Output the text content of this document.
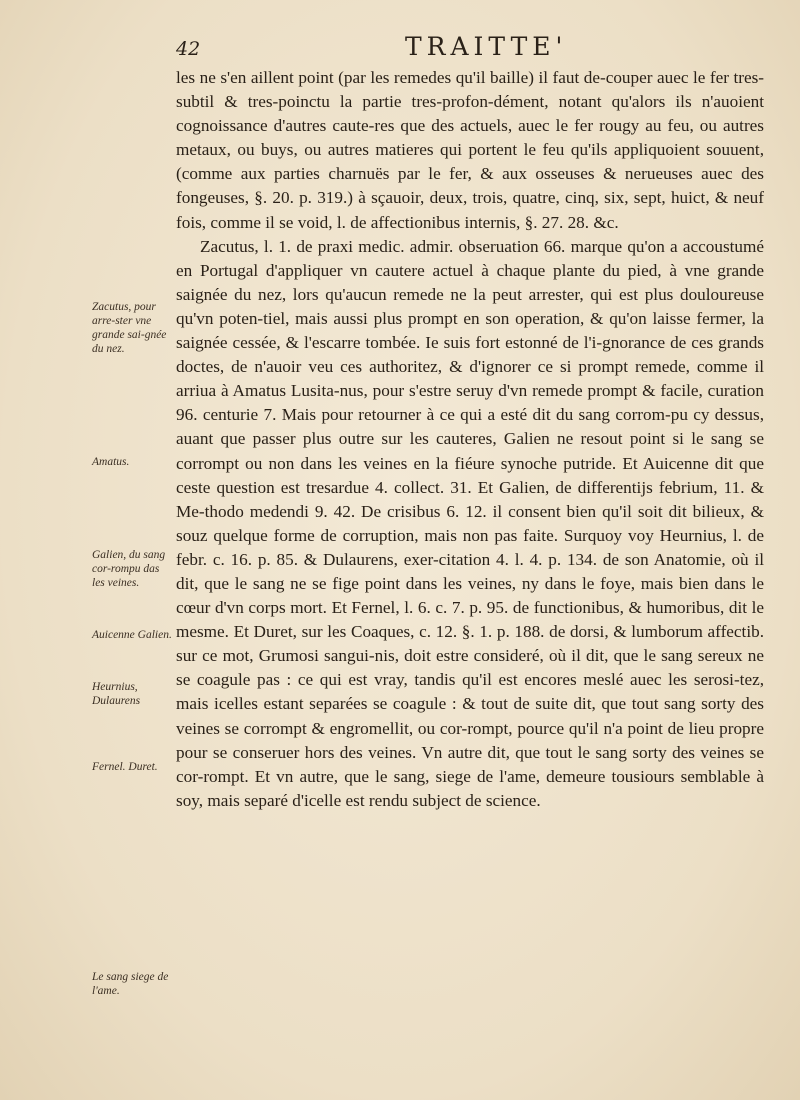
42	TRAITTE'
Zacutus, pour arre-ster vne grande sai-gnée du nez.
Amatus.
Galien, du sang cor-rompu das les veines.
Auicenne Galien.
Heurnius, Dulaurens
Fernel. Duret.
Le sang siege de l'ame.

les ne s'en aillent point (par les remedes qu'il baille) il faut de-couper auec le fer tres-subtil & tres-poinctu la partie tres-profon-dément, notant qu'alors ils n'auoient cognoissance d'autres caute-res que des actuels, auec le fer rougy au feu, ou autres metaux, ou buys, ou autres matieres qui portent le feu qu'ils appliquoient souuent, (comme aux parties charnuës par le fer, & aux osseuses & nerueuses auec des fongeuses, §. 20. p. 319.) à sçauoir, deux, trois, quatre, cinq, six, sept, huict, & neuf fois, comme il se void, l. de affectionibus internis, §. 27. 28. &c.

Zacutus, l. 1. de praxi medic. admir. obseruation 66. marque qu'on a accoustumé en Portugal d'appliquer vn cautere actuel à chaque plante du pied, à vne grande saignée du nez, lors qu'aucun remede ne la peut arrester, qui est plus douloureuse qu'vn poten-tiel, mais aussi plus prompt en son operation, & qu'on laisse fermer, la saignée cessée, & l'escarre tombée. Ie suis fort estonné de l'i-gnorance de ces grands doctes, de n'auoir veu ces authoritez, & d'ignorer ce si prompt remede, comme il arriua à Amatus Lusita-nus, pour s'estre seruy d'vn remede prompt & facile, curation 96. centurie 7. Mais pour retourner à ce qui a esté dit du sang corrom-pu cy dessus, auant que passer plus outre sur les cauteres, Galien ne resout point si le sang se corrompt ou non dans les veines en la fiéure synoche putride. Et Auicenne dit que ceste question est tresardue 4. collect. 31. Et Galien, de differentijs febrium, 11. & Me-thodo medendi 9. 42. De crisibus 6. 12. il consent bien qu'il soit dit bilieux, & souz quelque forme de corruption, mais non pas faite. Surquoy voy Heurnius, l. de febr. c. 16. p. 85. & Dulaurens, exer-citation 4. l. 4. p. 134. de son Anatomie, où il dit, que le sang ne se fige point dans les veines, ny dans le foye, mais bien dans le cœur d'vn corps mort. Et Fernel, l. 6. c. 7. p. 95. de functionibus, & humoribus, dit le mesme. Et Duret, sur les Coaques, c. 12. §. 1. p. 188. de dorsi, & lumborum affectib. sur ce mot, Grumosi sangui-nis, doit estre consideré, où il dit, que le sang sereux ne se coagule pas : ce qui est vray, tandis qu'il est encores meslé auec les serosi-tez, mais icelles estant separées se coagule : & tout de suite dit, que tout sang sorty des veines se corrompt & engromellit, ou cor-rompt, pource qu'il n'a point de lieu propre pour se conseruer hors des veines. Vn autre dit, que tout le sang sorty des veines se cor-rompt. Et vn autre, que le sang, siege de l'ame, demeure tousiours semblable à soy, mais separé d'icelle est rendu subject de science.
